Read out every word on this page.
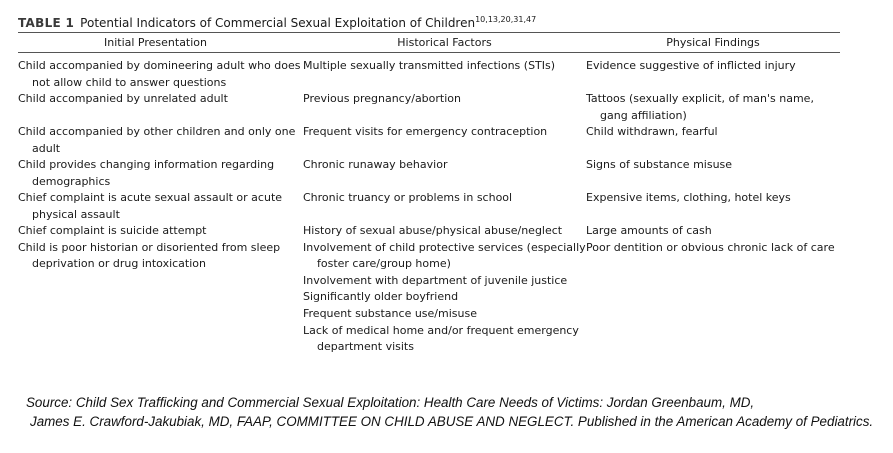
TABLE 1 Potential Indicators of Commercial Sexual Exploitation of Children$^{10,13,20,31,47}$
Initial Presentation	Historical Factors	Physical Findings

Child accompanied by domineering adult who does not allow child to answer questions

Child accompanied by unrelated adult

Child accompanied by other children and only one adult

Child provides changing information regarding demographics

Chief complaint is acute sexual assault or acute physical assault

Chief complaint is suicide attempt

Child is poor historian or disoriented from sleep deprivation or drug intoxication

Multiple sexually transmitted infections (STIs)

Previous pregnancy/abortion

Frequent visits for emergency contraception

Chronic runaway behavior

Chronic truancy or problems in school

History of sexual abuse/physical abuse/neglect

Involvement of child protective services (especially foster care/group home)

Involvement with department of juvenile justice

Significantly older boyfriend

Frequent substance use/misuse

Lack of medical home and/or frequent emergency department visits

Evidence suggestive of inflicted injury

Tattoos (sexually explicit, of man's name, gang affiliation)

Child withdrawn, fearful

Signs of substance misuse

Expensive items, clothing, hotel keys

Large amounts of cash

Poor dentition or obvious chronic lack of care

Source: Child Sex Trafficking and Commercial Sexual Exploitation: Health Care Needs of Victims: Jordan Greenbaum, MD,
James E. Crawford-Jakubiak, MD, FAAP, COMMITTEE ON CHILD ABUSE AND NEGLECT. Published in the American Academy of Pediatrics.
